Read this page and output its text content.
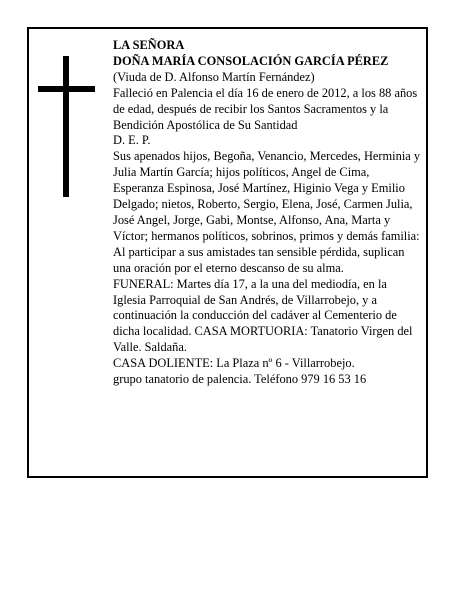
LA SEÑORA

DOÑA MARÍA CONSOLACIÓN GARCÍA PÉREZ

(Viuda de D. Alfonso Martín Fernández)

Falleció en Palencia el día 16 de enero de 2012, a los 88 años de edad, después de recibir los Santos Sacramentos y la Bendición Apostólica de Su Santidad

D. E. P.

Sus apenados hijos, Begoña, Venancio, Mercedes, Herminia y Julia Martín García; hijos políticos, Angel de Cima, Esperanza Espinosa, José Martínez, Higinio Vega y Emilio Delgado; nietos, Roberto, Sergio, Elena, José, Carmen Julia, José Angel, Jorge, Gabi, Montse, Alfonso, Ana, Marta y Víctor; hermanos políticos, sobrinos, primos y demás familia:

Al participar a sus amistades tan sensible pérdida, suplican una oración por el eterno descanso de su alma.

FUNERAL: Martes día 17, a la una del mediodía, en la Iglesia Parroquial de San Andrés, de Villarrobejo, y a continuación la conducción del cadáver al Cementerio de dicha localidad. CASA MORTUORIA: Tanatorio Virgen del Valle. Saldaña.

CASA DOLIENTE: La Plaza nº 6 - Villarrobejo.

grupo tanatorio de palencia. Teléfono 979 16 53 16
